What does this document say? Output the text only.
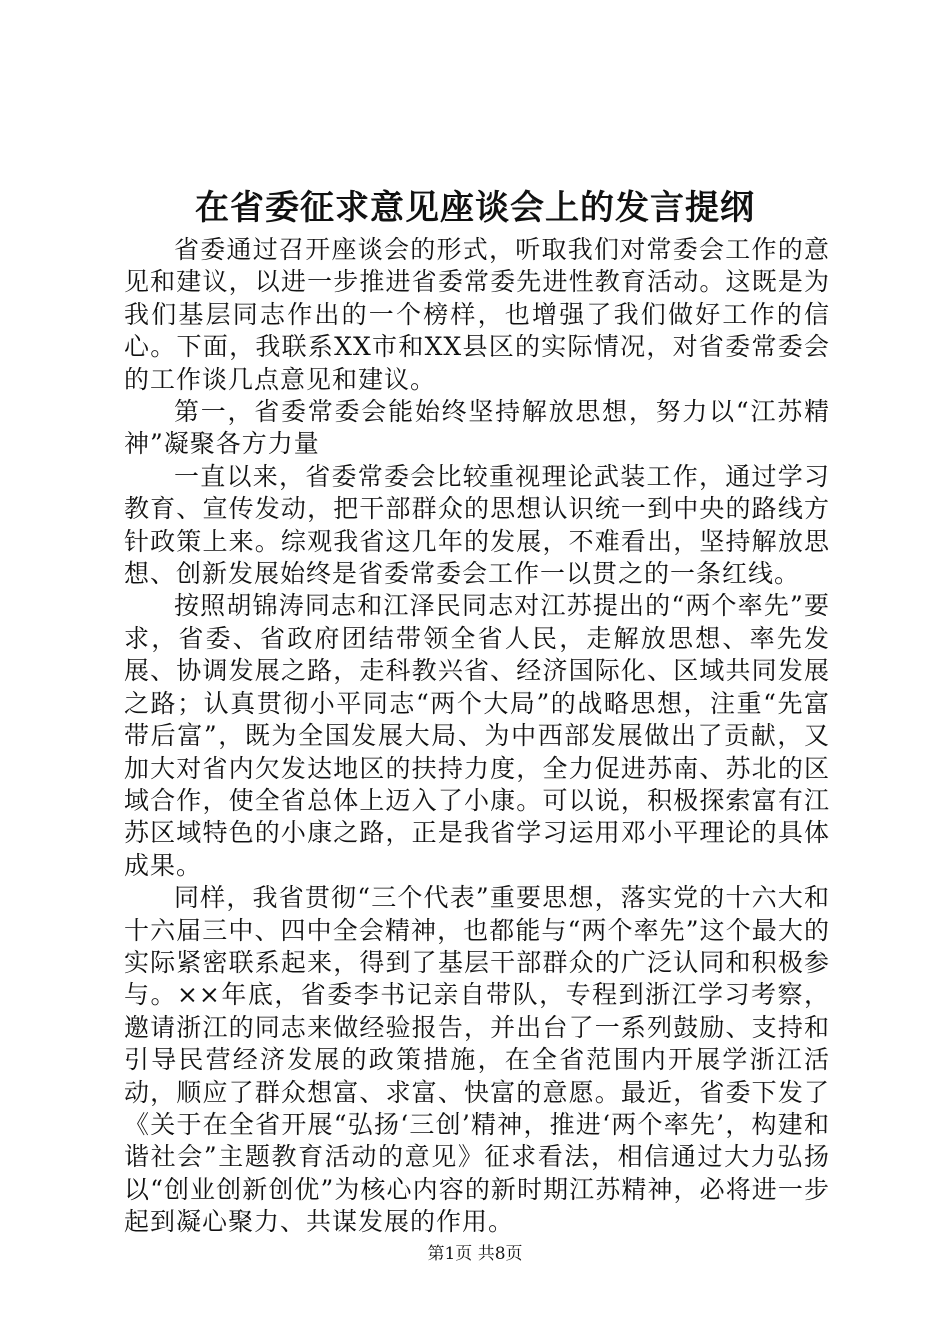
在省委征求意见座谈会上的发言提纲

省委通过召开座谈会的形式，听取我们对常委会工作的意见和建议，以进一步推进省委常委先进性教育活动。这既是为我们基层同志作出的一个榜样，也增强了我们做好工作的信心。下面，我联系XX市和XX县区的实际情况，对省委常委会的工作谈几点意见和建议。

第一，省委常委会能始终坚持解放思想，努力以“江苏精神”凝聚各方力量

一直以来，省委常委会比较重视理论武装工作，通过学习教育、宣传发动，把干部群众的思想认识统一到中央的路线方针政策上来。综观我省这几年的发展，不难看出，坚持解放思想、创新发展始终是省委常委会工作一以贯之的一条红线。

按照胡锦涛同志和江泽民同志对江苏提出的“两个率先”要求，省委、省政府团结带领全省人民，走解放思想、率先发展、协调发展之路，走科教兴省、经济国际化、区域共同发展之路；认真贯彻小平同志“两个大局”的战略思想，注重“先富带后富”，既为全国发展大局、为中西部发展做出了贡献，又加大对省内欠发达地区的扶持力度，全力促进苏南、苏北的区域合作，使全省总体上迈入了小康。可以说，积极探索富有江苏区域特色的小康之路，正是我省学习运用邓小平理论的具体成果。

同样，我省贯彻“三个代表”重要思想，落实党的十六大和十六届三中、四中全会精神，也都能与“两个率先”这个最大的实际紧密联系起来，得到了基层干部群众的广泛认同和积极参与。××年底，省委李书记亲自带队，专程到浙江学习考察，邀请浙江的同志来做经验报告，并出台了一系列鼓励、支持和引导民营经济发展的政策措施，在全省范围内开展学浙江活动，顺应了群众想富、求富、快富的意愿。最近，省委下发了《关于在全省开展“弘扬‘三创’精神，推进‘两个率先’，构建和谐社会”主题教育活动的意见》征求看法，相信通过大力弘扬以“创业创新创优”为核心内容的新时期江苏精神，必将进一步起到凝心聚力、共谋发展的作用。

第1页 共8页
